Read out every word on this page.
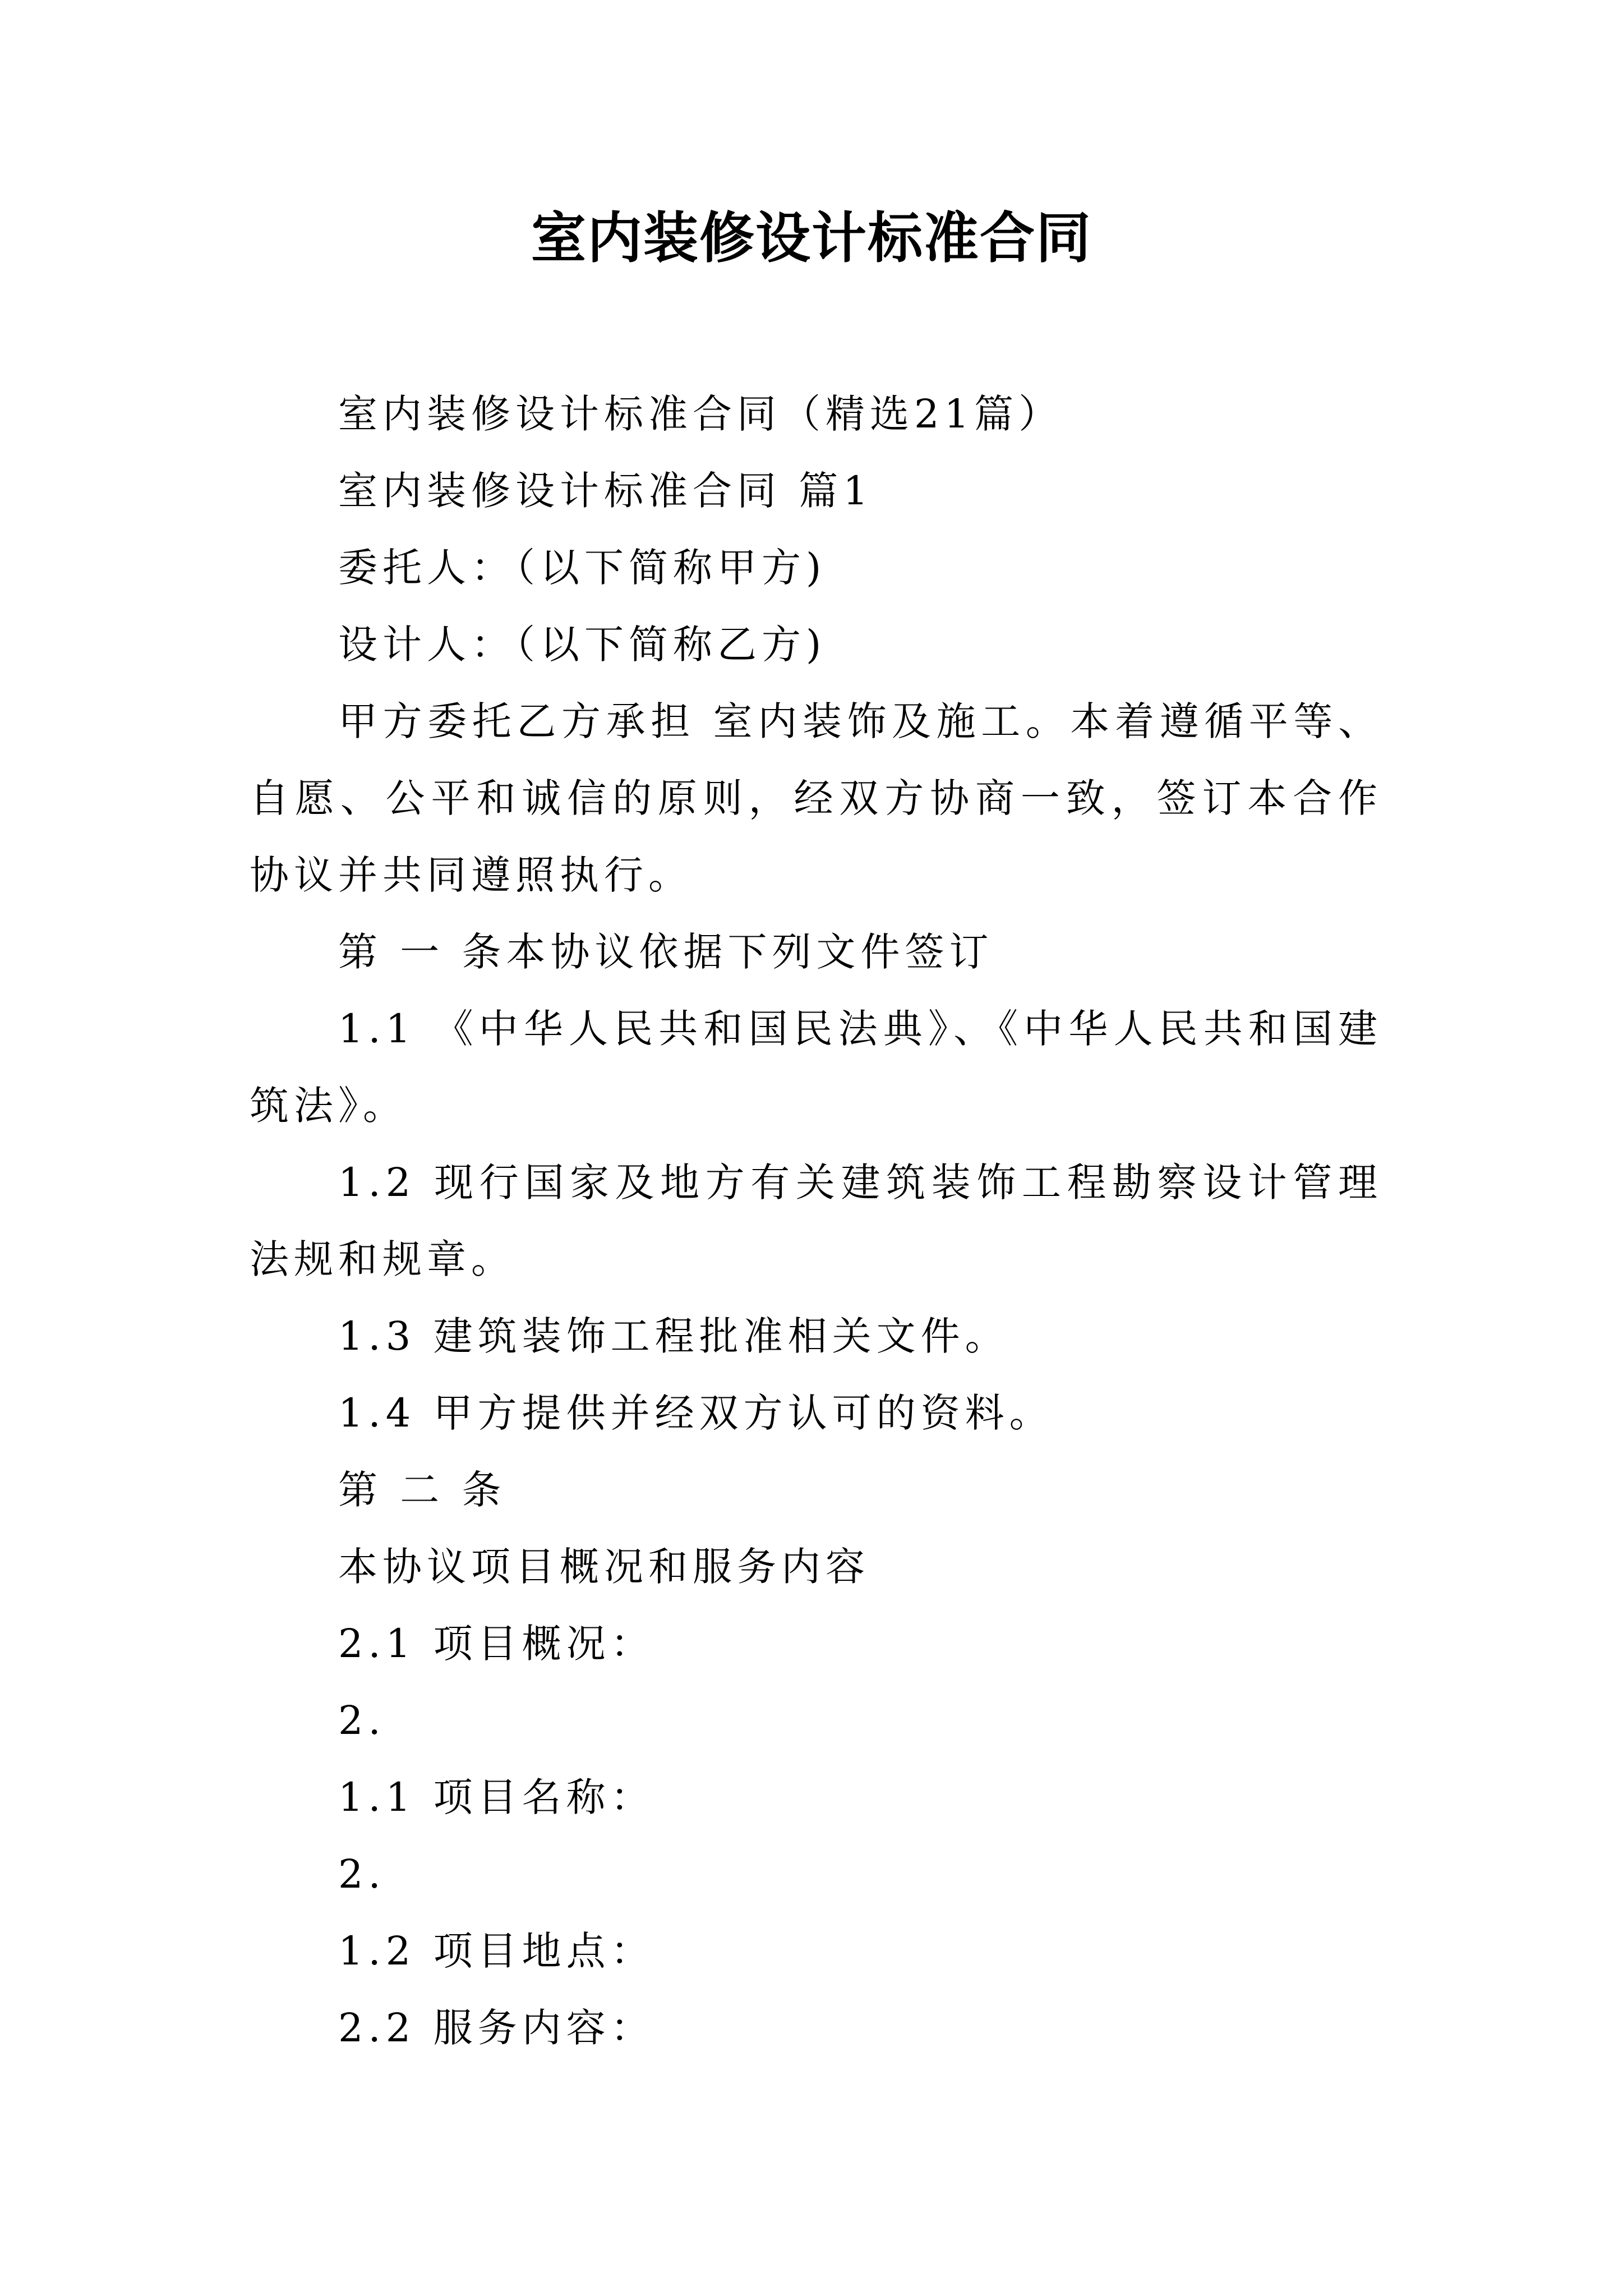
室内装修设计标准合同

室内装修设计标准合同（精选21篇）

室内装修设计标准合同 篇1

委托人：（以下简称甲方)

设计人：（以下简称乙方)

甲方委托乙方承担 室内装饰及施工。本着遵循平等、自愿、公平和诚信的原则，经双方协商一致，签订本合作协议并共同遵照执行。

第 一 条本协议依据下列文件签订

1.1 《中华人民共和国民法典》、《中华人民共和国建筑法》。

1.2 现行国家及地方有关建筑装饰工程勘察设计管理法规和规章。

1.3 建筑装饰工程批准相关文件。

1.4 甲方提供并经双方认可的资料。

第 二 条

本协议项目概况和服务内容

2.1 项目概况：

2.

1.1 项目名称：

2.

1.2 项目地点：

2.2 服务内容：
